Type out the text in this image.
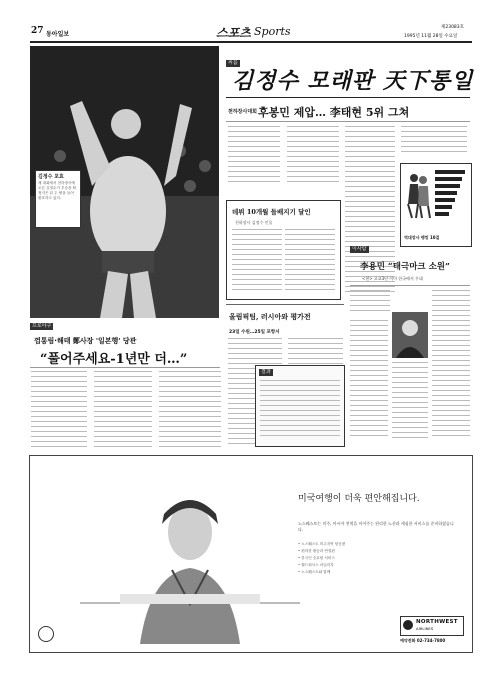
27 동아일보	스포츠 Sports	제23083호
1995년 11월 28일 수요일
김정수 포효
제 대회에서 천하장사에 오른 김정수가 우승을 확정지은 뒤 두 팔을 들어 환호하고 있다.
씨름
김정수 모래판 天下통일
천하장사대회 후봉민 제압… 李태현 5위 그쳐
데뷔 10개월 들배지기 달인
천하장사 김정수 인물
역대장사 랭킹 10걸
올림픽팀, 러시아와 평가전
23일 수원…25일 포항서
결과
이사람
李용민 “태극마크 소원”
<현> 고교3년 이미 한국에서 무대
프로야구
껌통림·해태 鄭사장 '일본행' 당관
“풀어주세요-1년만 더…”
미국여행이 더욱 편안해집니다.
노스웨스트는 미주, 아시아 전역을 이어주는 편리한 노선과 세심한 서비스를 준비하였습니다.
• 노스웨스트 미주지역 항공편
• 편리한 환승과 연결편
• 한국인 승무원 서비스
• 월드퍼크스 마일리지
• 노스웨스트와 함께
NORTHWEST
AIRLINES
예약전화 02-734-7800
